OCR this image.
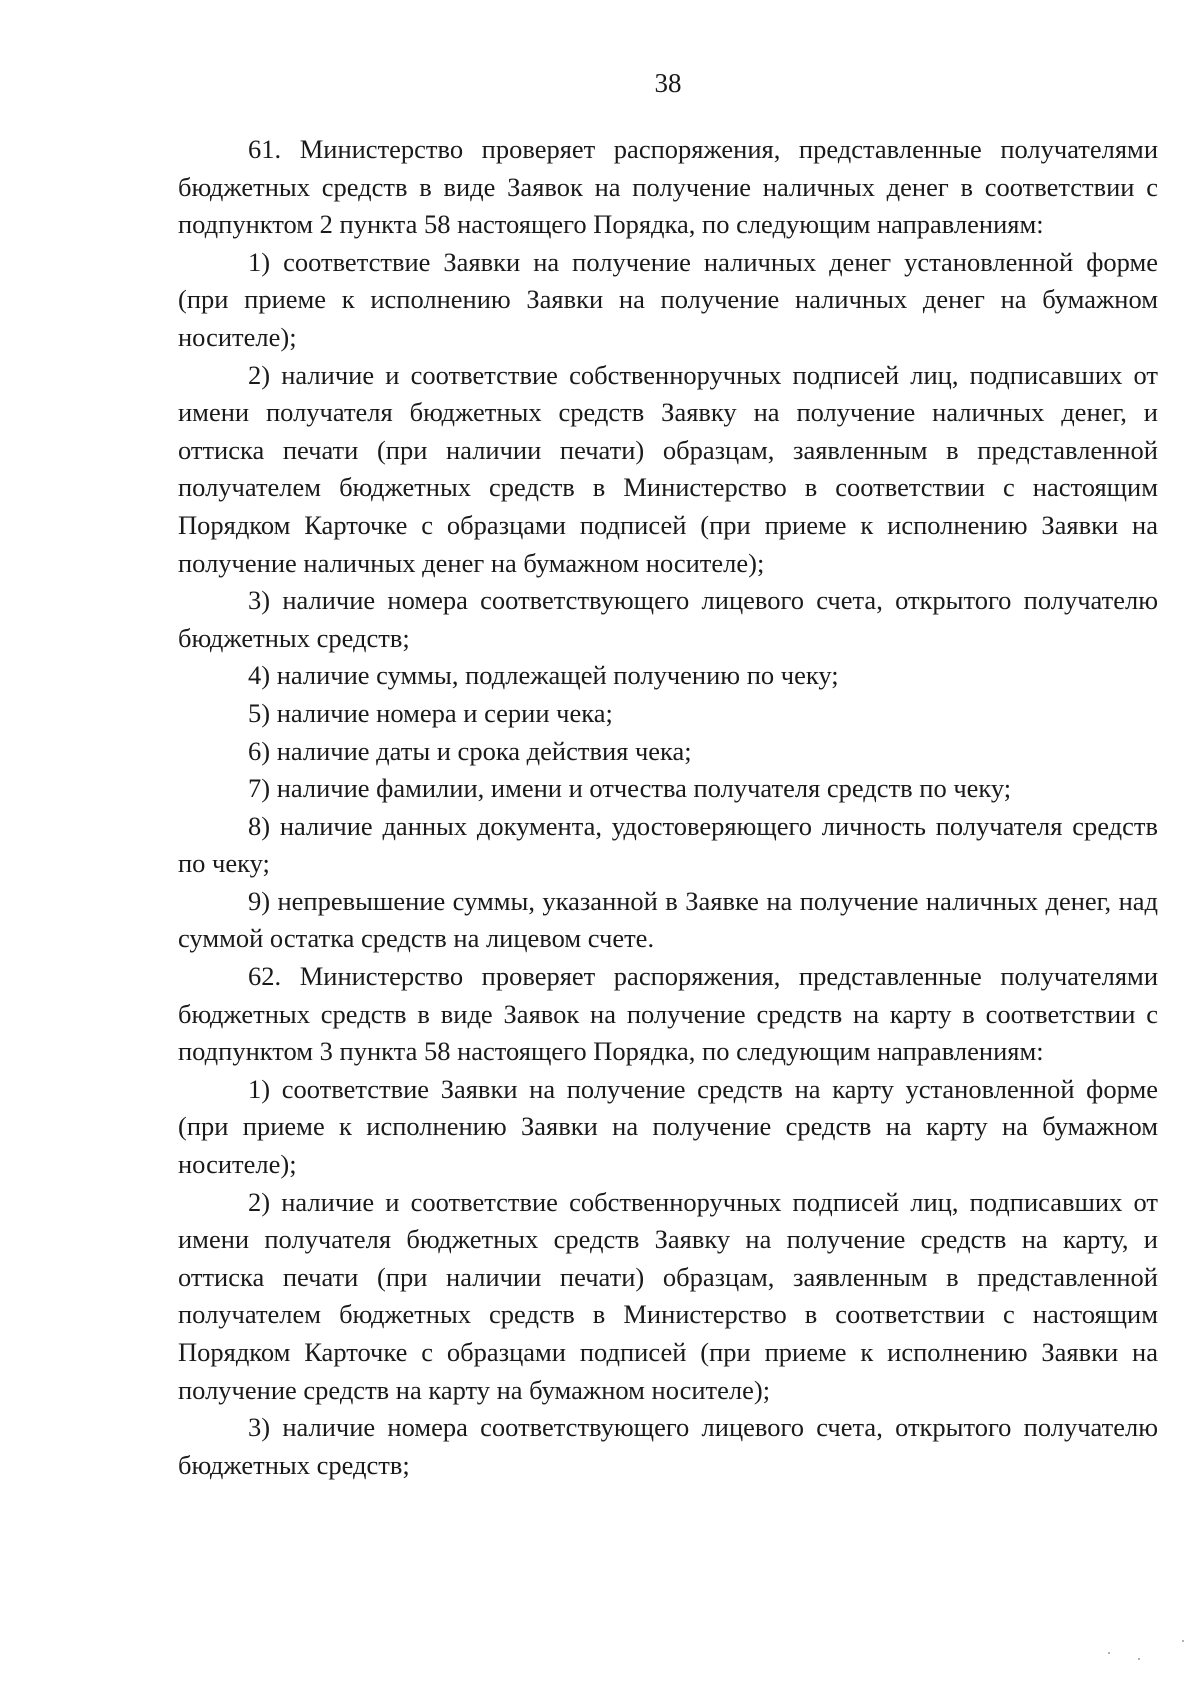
38

61. Министерство проверяет распоряжения, представленные получателями бюджетных средств в виде Заявок на получение наличных денег в соответствии с подпунктом 2 пункта 58 настоящего Порядка, по следующим направлениям:

1) соответствие Заявки на получение наличных денег установленной форме (при приеме к исполнению Заявки на получение наличных денег на бумажном носителе);

2) наличие и соответствие собственноручных подписей лиц, подписавших от имени получателя бюджетных средств Заявку на получение наличных денег, и оттиска печати (при наличии печати) образцам, заявленным в представленной получателем бюджетных средств в Министерство в соответствии с настоящим Порядком Карточке с образцами подписей (при приеме к исполнению Заявки на получение наличных денег на бумажном носителе);

3) наличие номера соответствующего лицевого счета, открытого получателю бюджетных средств;

4) наличие суммы, подлежащей получению по чеку;

5) наличие номера и серии чека;

6) наличие даты и срока действия чека;

7) наличие фамилии, имени и отчества получателя средств по чеку;

8) наличие данных документа, удостоверяющего личность получателя средств по чеку;

9) непревышение суммы, указанной в Заявке на получение наличных денег, над суммой остатка средств на лицевом счете.

62. Министерство проверяет распоряжения, представленные получателями бюджетных средств в виде Заявок на получение средств на карту в соответствии с подпунктом 3 пункта 58 настоящего Порядка, по следующим направлениям:

1) соответствие Заявки на получение средств на карту установленной форме (при приеме к исполнению Заявки на получение средств на карту на бумажном носителе);

2) наличие и соответствие собственноручных подписей лиц, подписавших от имени получателя бюджетных средств Заявку на получение средств на карту, и оттиска печати (при наличии печати) образцам, заявленным в представленной получателем бюджетных средств в Министерство в соответствии с настоящим Порядком Карточке с образцами подписей (при приеме к исполнению Заявки на получение средств на карту на бумажном носителе);

3) наличие номера соответствующего лицевого счета, открытого получателю бюджетных средств;
